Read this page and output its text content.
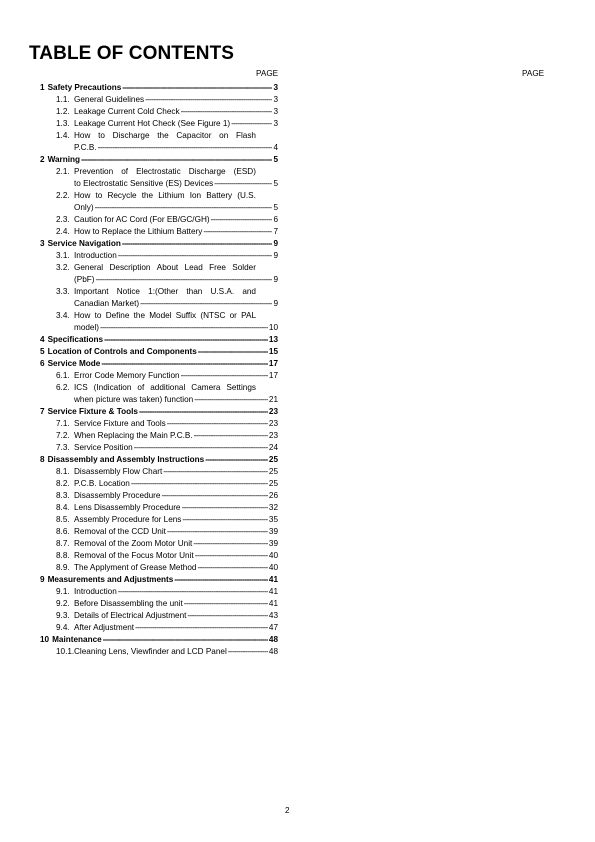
TABLE OF CONTENTS
PAGE	PAGE
1 Safety Precautions -----	3
1.1. General Guidelines -----	3
1.2. Leakage Current Cold Check -----	3
1.3. Leakage Current Hot Check (See Figure 1) -----	3
1.4. How to Discharge the Capacitor on Flash
P.C.B. -----	4
2 Warning -----	5
2.1. Prevention of Electrostatic Discharge (ESD)
to Electrostatic Sensitive (ES) Devices -----	5
2.2. How to Recycle the Lithium Ion Battery (U.S.
Only) -----	5
2.3. Caution for AC Cord (For EB/GC/GH) -----	6
2.4. How to Replace the Lithium Battery -----	7
3 Service Navigation -----	9
3.1. Introduction -----	9
3.2. General Description About Lead Free Solder
(PbF) -----	9
3.3. Important Notice 1:(Other than U.S.A. and
Canadian Market) -----	9
3.4. How to Define the Model Suffix (NTSC or PAL
model) -----	10
4 Specifications -----	13
5 Location of Controls and Components -----	15
6 Service Mode -----	17
6.1. Error Code Memory Function -----	17
6.2. ICS (Indication of additional Camera Settings
when picture was taken) function -----	21
7 Service Fixture & Tools -----	23
7.1. Service Fixture and Tools -----	23
7.2. When Replacing the Main P.C.B. -----	23
7.3. Service Position -----	24
8 Disassembly and Assembly Instructions -----	25
8.1. Disassembly Flow Chart -----	25
8.2. P.C.B. Location -----	25
8.3. Disassembly Procedure -----	26
8.4. Lens Disassembly Procedure -----	32
8.5. Assembly Procedure for Lens -----	35
8.6. Removal of the CCD Unit -----	39
8.7. Removal of the Zoom Motor Unit -----	39
8.8. Removal of the Focus Motor Unit -----	40
8.9. The Applyment of Grease Method -----	40
9 Measurements and Adjustments -----	41
9.1. Introduction -----	41
9.2. Before Disassembling the unit -----	41
9.3. Details of Electrical Adjustment -----	43
9.4. After Adjustment -----	47
10 Maintenance -----	48
10.1. Cleaning Lens, Viewfinder and LCD Panel -----	48
2
